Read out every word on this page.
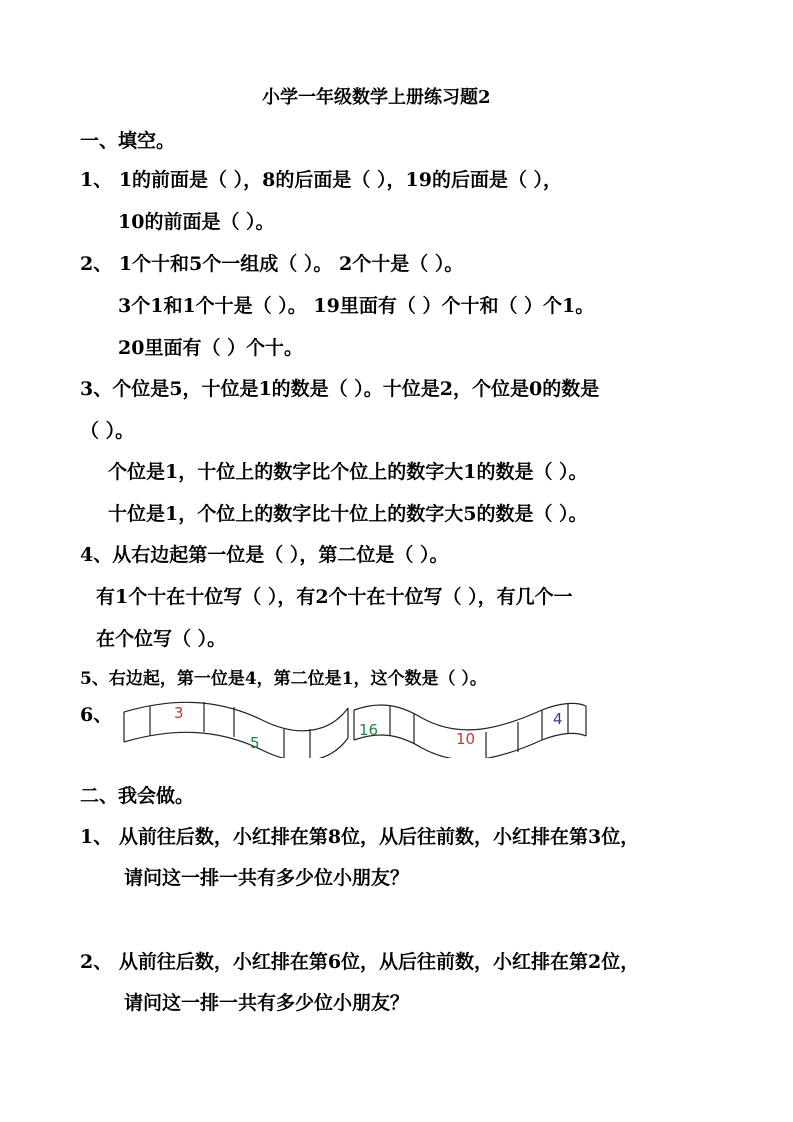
小学一年级数学上册练习题2
一、填空。
1、 1的前面是（ ），8的后面是（ ），19的后面是（ ），
10的前面是（ ）。
2、 1个十和5个一组成（ ）。 2个十是（ ）。
3个1和1个十是（ ）。 19里面有（ ）个十和（ ）个1。
20里面有（ ）个十。
3、个位是5，十位是1的数是（ ）。十位是2，个位是0的数是
（ ）。
个位是1，十位上的数字比个位上的数字大1的数是（ ）。
十位是1，个位上的数字比十位上的数字大5的数是（ ）。
4、从右边起第一位是（ ），第二位是（ ）。
有1个十在十位写（ ），有2个十在十位写（ ），有几个一
在个位写（ ）。
5、右边起，第一位是4，第二位是1，这个数是（ ）。
6、	3
5
16	10
4
二、我会做。
1、 从前往后数，小红排在第8位，从后往前数，小红排在第3位，
请问这一排一共有多少位小朋友？
2、 从前往后数，小红排在第6位，从后往前数，小红排在第2位，
请问这一排一共有多少位小朋友？
